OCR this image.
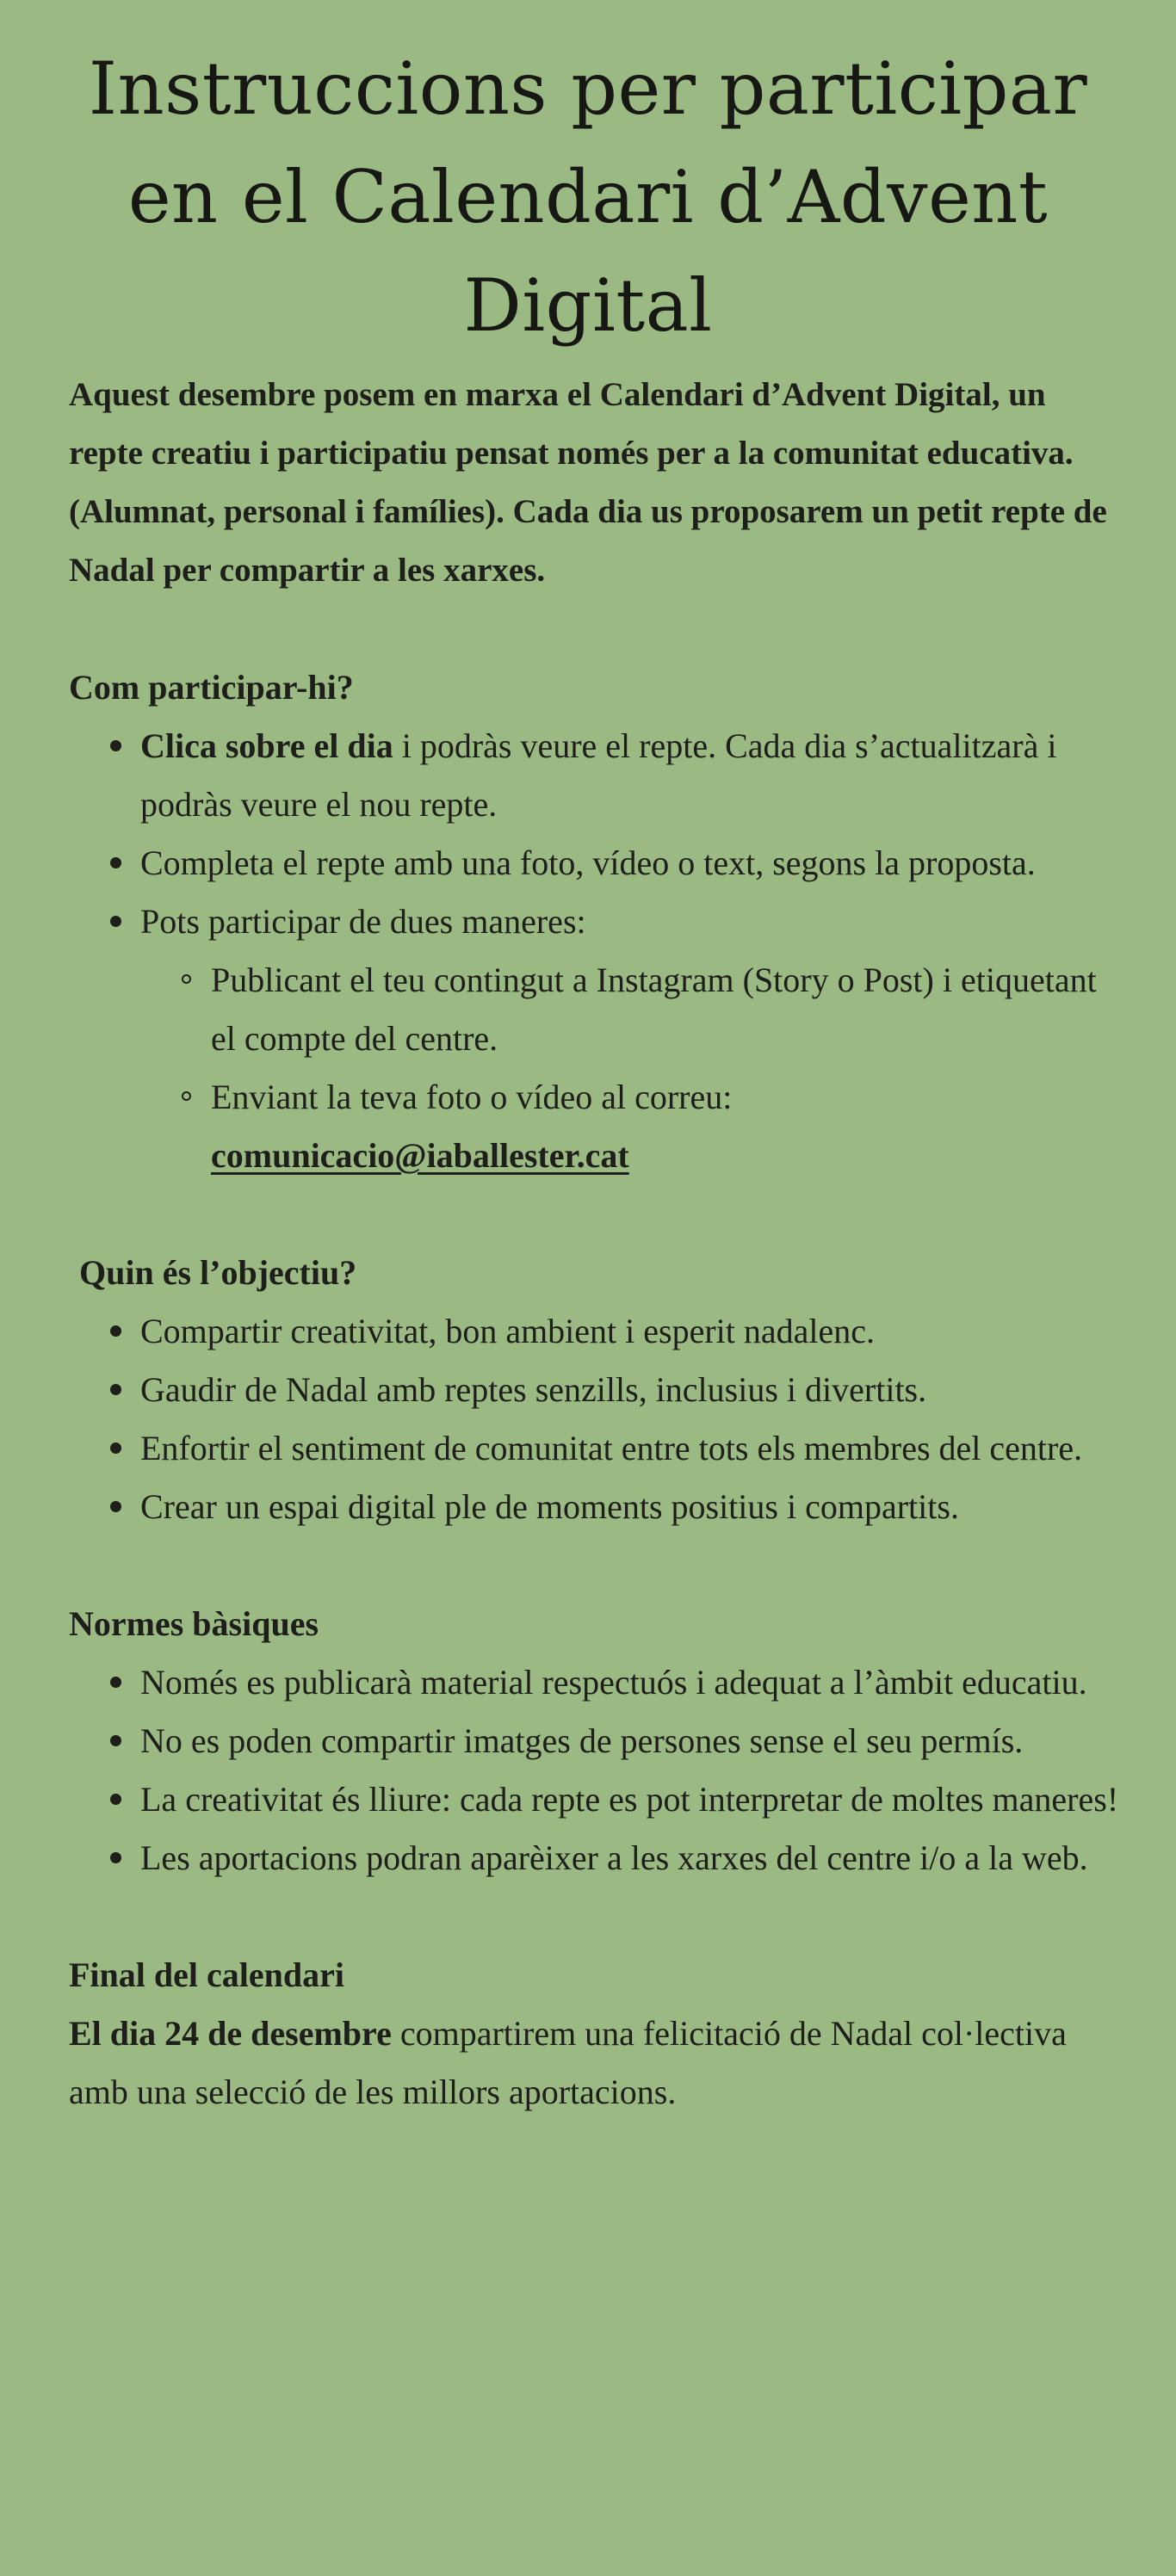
Instruccions per participar en el Calendari d’Advent Digital

Aquest desembre posem en marxa el Calendari d’Advent Digital, un repte creatiu i participatiu pensat només per a la comunitat educativa. (Alumnat, personal i famílies). Cada dia us proposarem un petit repte de Nadal per compartir a les xarxes.

Com participar-hi?

Clica sobre el dia i podràs veure el repte. Cada dia s’actualitzarà i podràs veure el nou repte.
Completa el repte amb una foto, vídeo o text, segons la proposta.
Pots participar de dues maneres:
Publicant el teu contingut a Instagram (Story o Post) i etiquetant el compte del centre.
Enviant la teva foto o vídeo al correu:
comunicacio@iaballester.cat

Quin és l’objectiu?

Compartir creativitat, bon ambient i esperit nadalenc.
Gaudir de Nadal amb reptes senzills, inclusius i divertits.
Enfortir el sentiment de comunitat entre tots els membres del centre.
Crear un espai digital ple de moments positius i compartits.

Normes bàsiques

Només es publicarà material respectuós i adequat a l’àmbit educatiu.
No es poden compartir imatges de persones sense el seu permís.
La creativitat és lliure: cada repte es pot interpretar de moltes maneres!
Les aportacions podran aparèixer a les xarxes del centre i/o a la web.

Final del calendari

El dia 24 de desembre compartirem una felicitació de Nadal col·lectiva amb una selecció de les millors aportacions.
